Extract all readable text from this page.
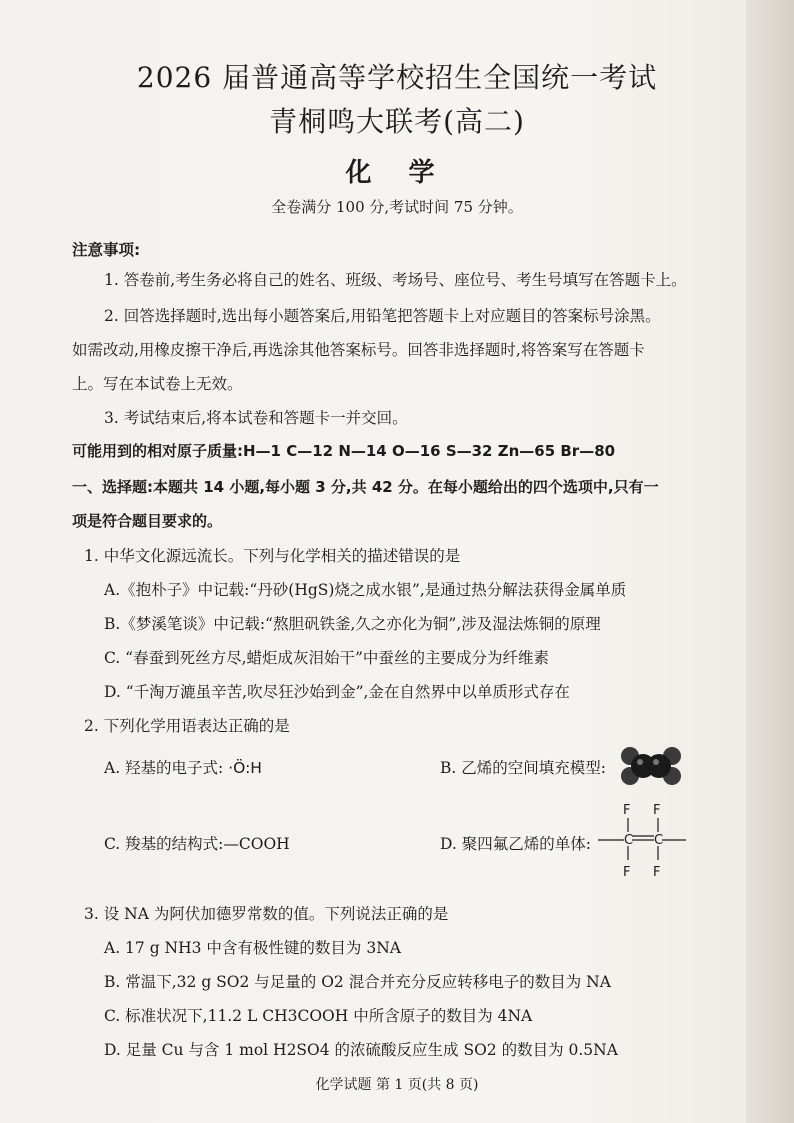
2026 届普通高等学校招生全国统一考试
青桐鸣大联考(高二)
化 学
全卷满分 100 分,考试时间 75 分钟。
注意事项:
1. 答卷前,考生务必将自己的姓名、班级、考场号、座位号、考生号填写在答题卡上。
2. 回答选择题时,选出每小题答案后,用铅笔把答题卡上对应题目的答案标号涂黑。
如需改动,用橡皮擦干净后,再选涂其他答案标号。回答非选择题时,将答案写在答题卡
上。写在本试卷上无效。
3. 考试结束后,将本试卷和答题卡一并交回。
可能用到的相对原子质量:H—1 C—12 N—14 O—16 S—32 Zn—65 Br—80
一、选择题:本题共 14 小题,每小题 3 分,共 42 分。在每小题给出的四个选项中,只有一
项是符合题目要求的。
1. 中华文化源远流长。下列与化学相关的描述错误的是
A.《抱朴子》中记载:“丹砂(HgS)烧之成水银”,是通过热分解法获得金属单质
B.《梦溪笔谈》中记载:“熬胆矾铁釜,久之亦化为铜”,涉及湿法炼铜的原理
C. “春蚕到死丝方尽,蜡炬成灰泪始干”中蚕丝的主要成分为纤维素
D. “千淘万漉虽辛苦,吹尽狂沙始到金”,金在自然界中以单质形式存在
2. 下列化学用语表达正确的是
A. 羟基的电子式: ·Ö:H	B. 乙烯的空间填充模型:
C. 羧基的结构式:—COOH	D. 聚四氟乙烯的单体:	C C
F F
F F
3. 设 NA 为阿伏加德罗常数的值。下列说法正确的是
A. 17 g NH3 中含有极性键的数目为 3NA
B. 常温下,32 g SO2 与足量的 O2 混合并充分反应转移电子的数目为 NA
C. 标准状况下,11.2 L CH3COOH 中所含原子的数目为 4NA
D. 足量 Cu 与含 1 mol H2SO4 的浓硫酸反应生成 SO2 的数目为 0.5NA
化学试题 第 1 页(共 8 页)
